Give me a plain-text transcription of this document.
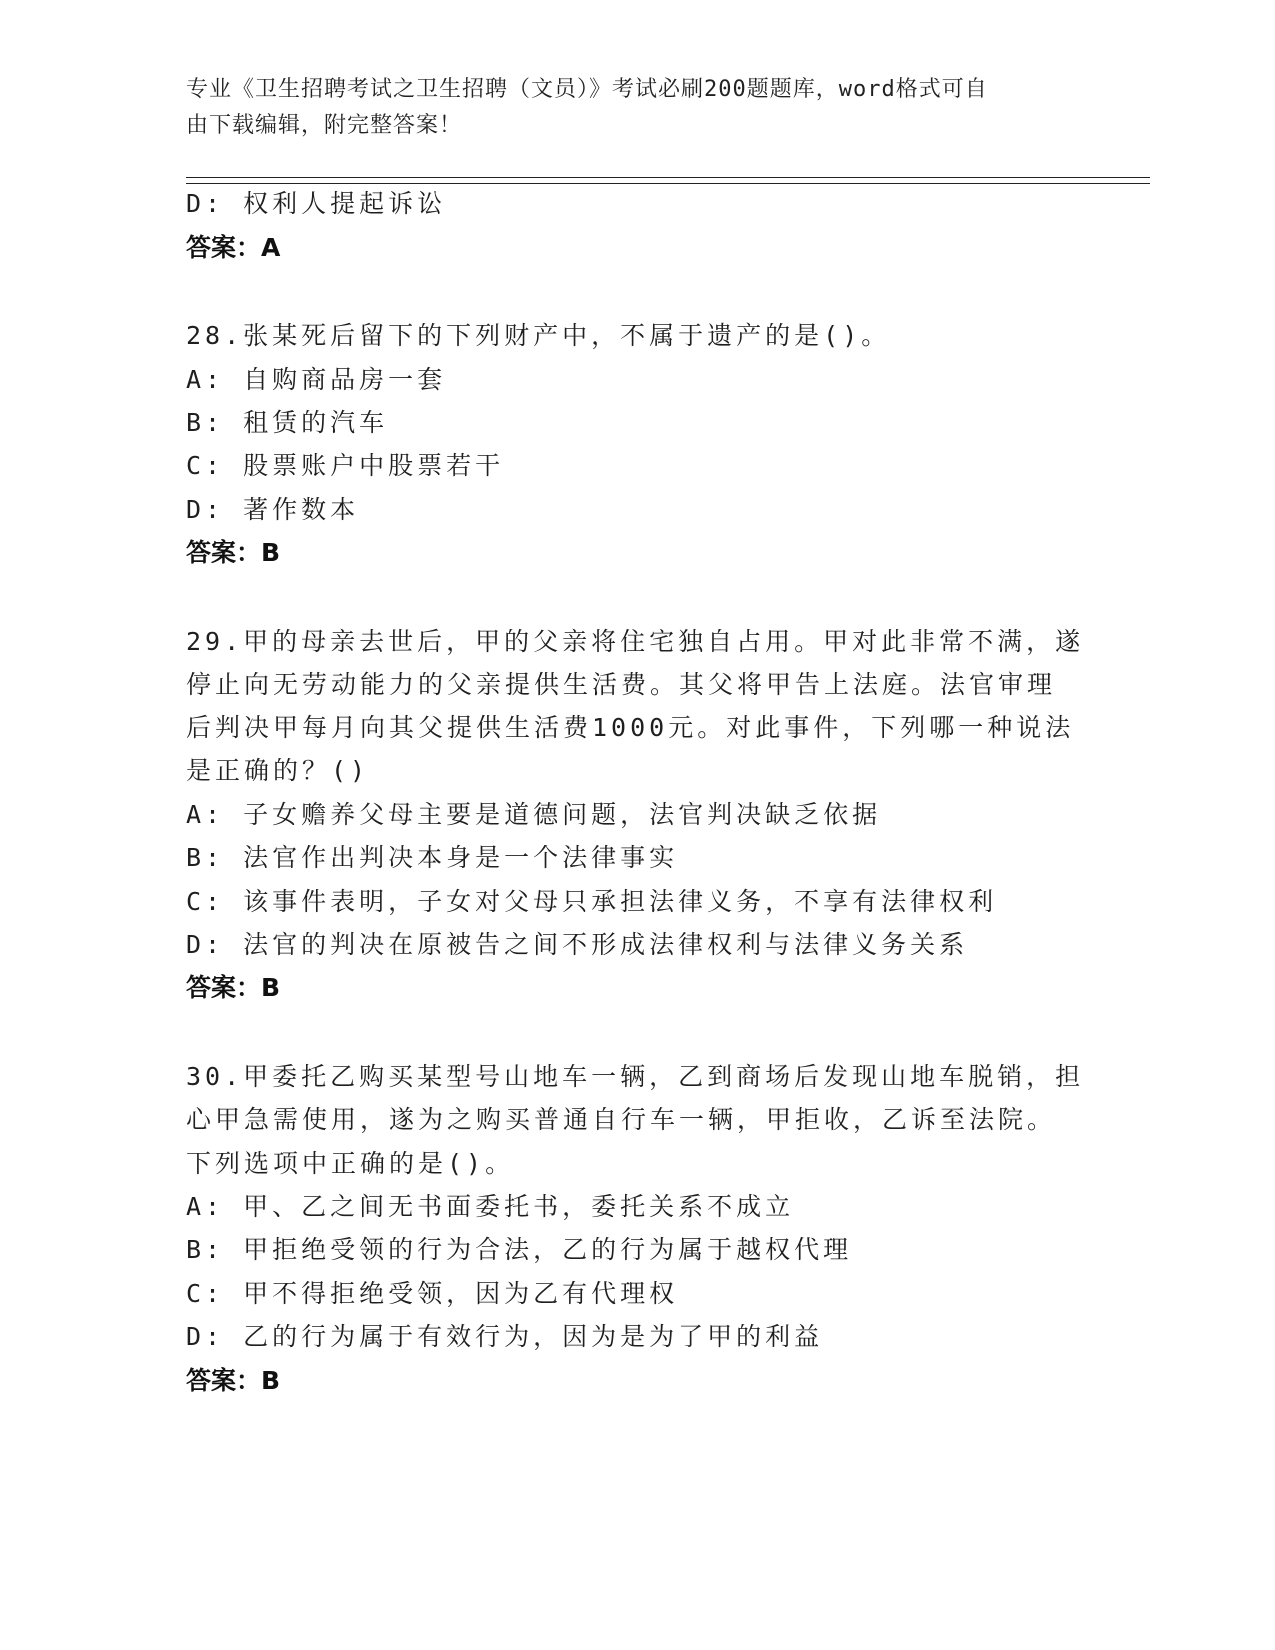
专业《卫生招聘考试之卫生招聘（文员）》考试必刷200题题库，word格式可自
由下载编辑，附完整答案！
D: 权利人提起诉讼
答案：A
28.张某死后留下的下列财产中，不属于遗产的是()。
A: 自购商品房一套
B: 租赁的汽车
C: 股票账户中股票若干
D: 著作数本
答案：B
29.甲的母亲去世后，甲的父亲将住宅独自占用。甲对此非常不满，遂
停止向无劳动能力的父亲提供生活费。其父将甲告上法庭。法官审理
后判决甲每月向其父提供生活费1000元。对此事件，下列哪一种说法
是正确的？()
A: 子女赡养父母主要是道德问题，法官判决缺乏依据
B: 法官作出判决本身是一个法律事实
C: 该事件表明，子女对父母只承担法律义务，不享有法律权利
D: 法官的判决在原被告之间不形成法律权利与法律义务关系
答案：B
30.甲委托乙购买某型号山地车一辆，乙到商场后发现山地车脱销，担
心甲急需使用，遂为之购买普通自行车一辆，甲拒收，乙诉至法院。
下列选项中正确的是()。
A: 甲、乙之间无书面委托书，委托关系不成立
B: 甲拒绝受领的行为合法，乙的行为属于越权代理
C: 甲不得拒绝受领，因为乙有代理权
D: 乙的行为属于有效行为，因为是为了甲的利益
答案：B
